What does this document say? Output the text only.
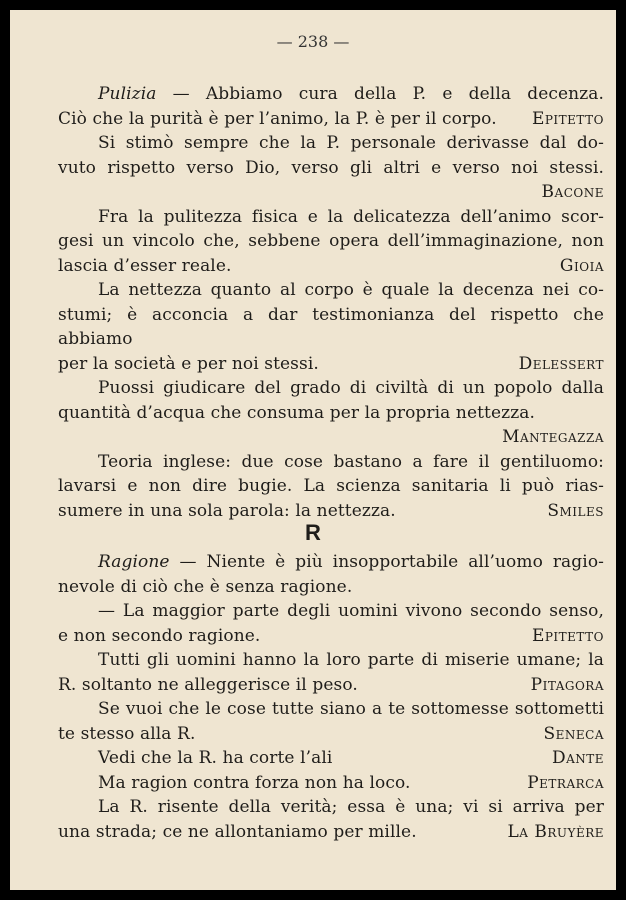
— 238 —
Pulizia — Abbiamo cura della P. e della decenza.
Ciò che la purità è per l’animo, la P. è per il corpo. Epitetto
Si stimò sempre che la P. personale derivasse dal do-
vuto rispetto verso Dio, verso gli altri e verso noi stessi.
Bacone
Fra la pulitezza fisica e la delicatezza dell’animo scor-
gesi un vincolo che, sebbene opera dell’immaginazione, non
lascia d’esser reale.	Gioia
La nettezza quanto al corpo è quale la decenza nei co-
stumi; è acconcia a dar testimonianza del rispetto che abbiamo
per la società e per noi stessi.	Delessert
Puossi giudicare del grado di civiltà di un popolo dalla
quantità d’acqua che consuma per la propria nettezza.
Mantegazza
Teoria inglese: due cose bastano a fare il gentiluomo:
lavarsi e non dire bugie. La scienza sanitaria li può rias-
sumere in una sola parola: la nettezza.	Smiles
R
Ragione — Niente è più insopportabile all’uomo ragio-
nevole di ciò che è senza ragione.
— La maggior parte degli uomini vivono secondo senso,
e non secondo ragione.	Epitetto
Tutti gli uomini hanno la loro parte di miserie umane; la
R. soltanto ne alleggerisce il peso.	Pitagora
Se vuoi che le cose tutte siano a te sottomesse sottometti
te stesso alla R.	Seneca
Vedi che la R. ha corte l’ali	Dante
Ma ragion contra forza non ha loco.	Petrarca
La R. risente della verità; essa è una; vi si arriva per
una strada; ce ne allontaniamo per mille.	La Bruyère
